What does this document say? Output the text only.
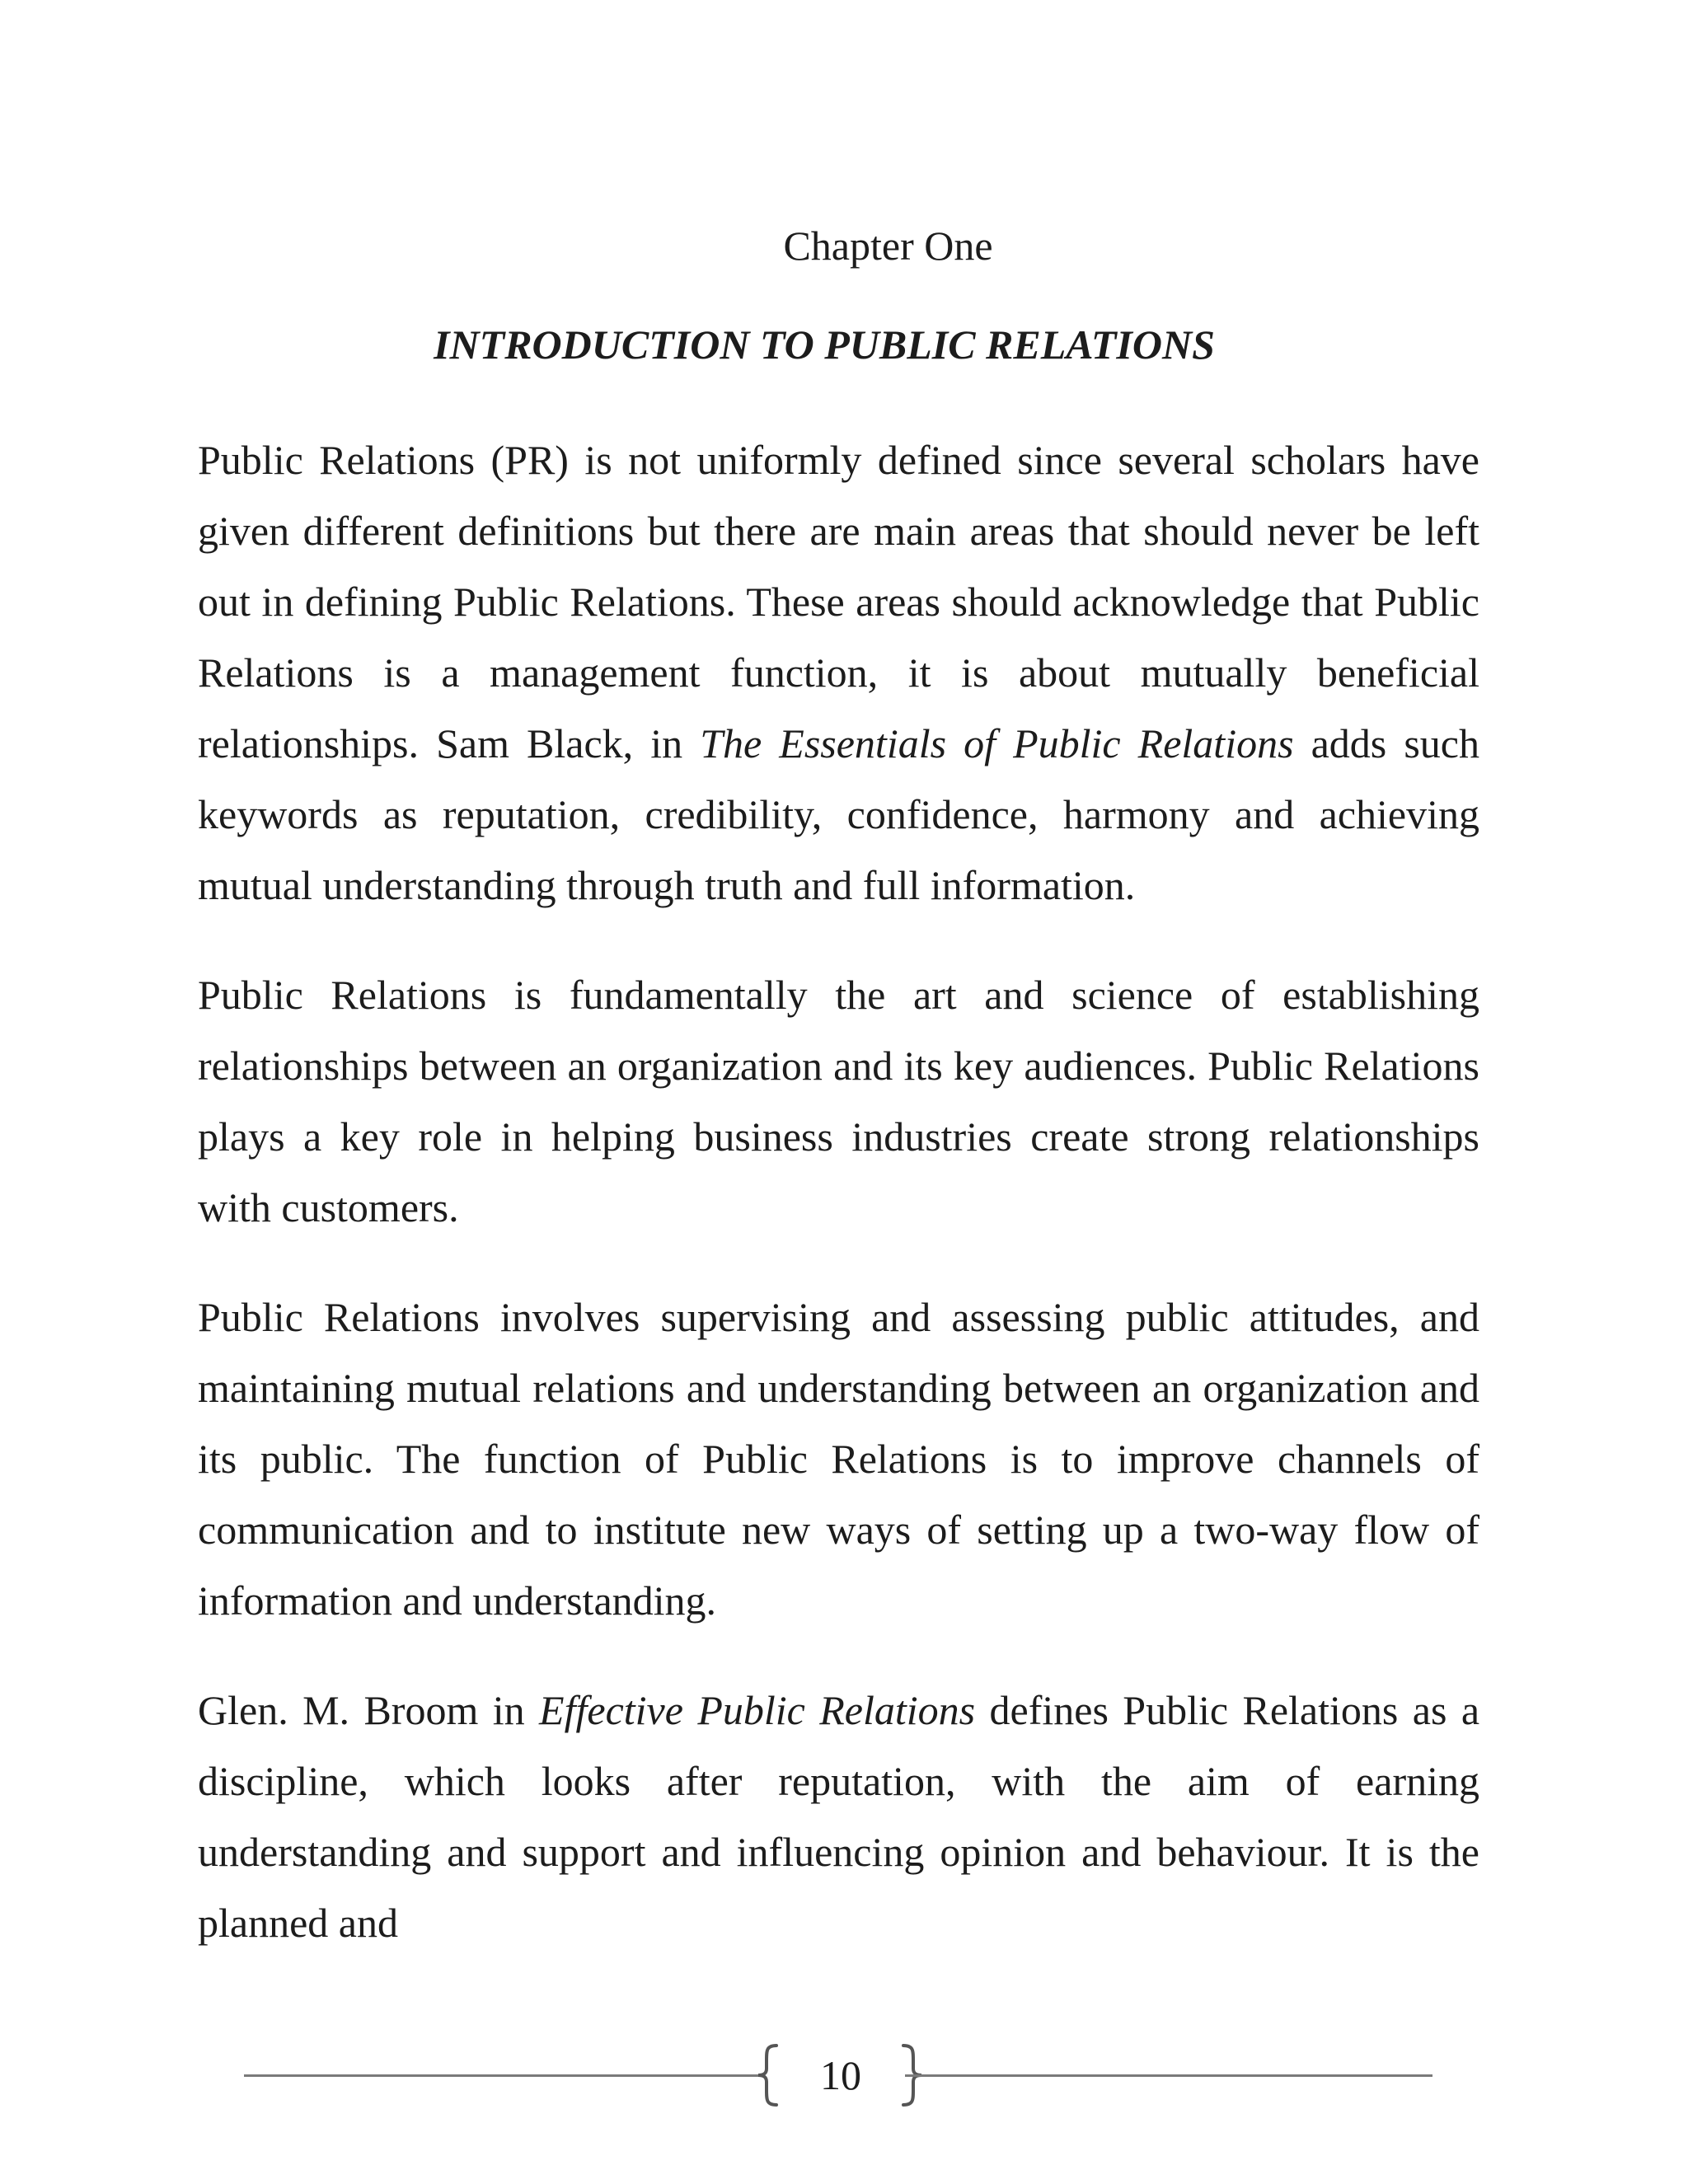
Chapter One
INTRODUCTION TO PUBLIC RELATIONS

Public Relations (PR) is not uniformly defined since several scholars have given different definitions but there are main areas that should never be left out in defining Public Relations. These areas should acknowledge that Public Relations is a management function, it is about mutually beneficial relationships. Sam Black, in The Essentials of Public Relations adds such keywords as reputation, credibility, confidence, harmony and achieving mutual understanding through truth and full information.

Public Relations is fundamentally the art and science of establishing relationships between an organization and its key audiences. Public Relations plays a key role in helping business industries create strong relationships with customers.

Public Relations involves supervising and assessing public attitudes, and maintaining mutual relations and understanding between an organization and its public. The function of Public Relations is to improve channels of communication and to institute new ways of setting up a two-way flow of information and understanding.

Glen. M. Broom in Effective Public Relations defines Public Relations as a discipline, which looks after reputation, with the aim of earning understanding and support and influencing opinion and behaviour. It is the planned and

10
